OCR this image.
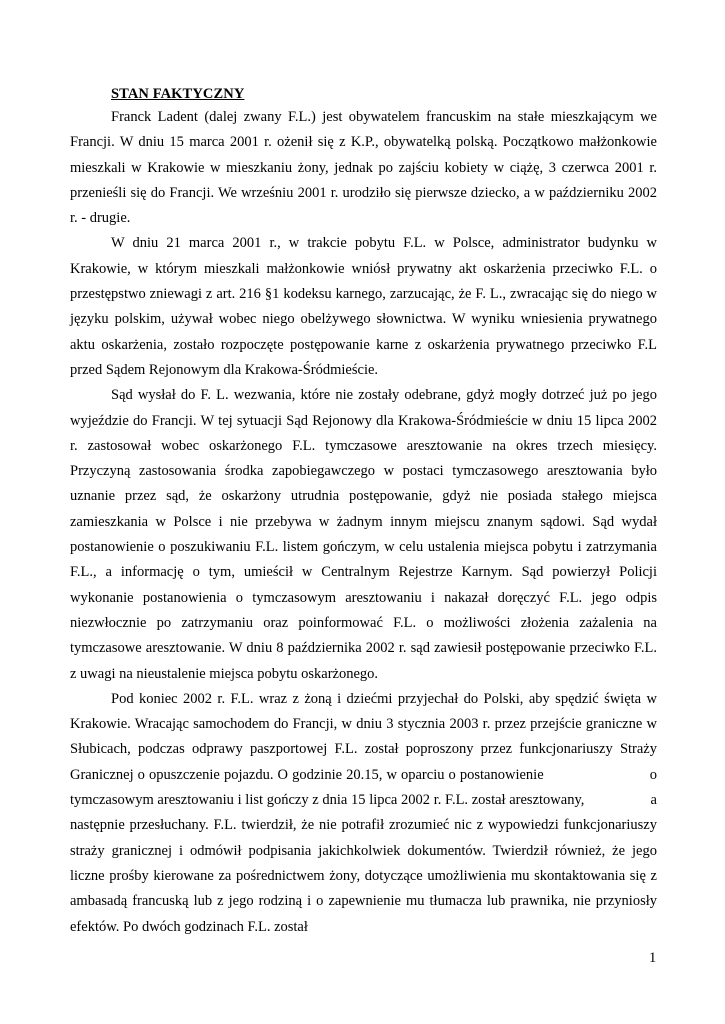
STAN FAKTYCZNY

Franck Ladent (dalej zwany F.L.) jest obywatelem francuskim na stałe mieszkającym we Francji. W dniu 15 marca 2001 r. ożenił się z K.P., obywatelką polską. Początkowo małżonkowie mieszkali w Krakowie w mieszkaniu żony, jednak po zajściu kobiety w ciążę, 3 czerwca 2001 r. przenieśli się do Francji. We wrześniu 2001 r. urodziło się pierwsze dziecko, a w październiku 2002 r. - drugie.

W dniu 21 marca 2001 r., w trakcie pobytu F.L. w Polsce, administrator budynku w Krakowie, w którym mieszkali małżonkowie wniósł prywatny akt oskarżenia przeciwko F.L. o przestępstwo zniewagi z art. 216 §1 kodeksu karnego, zarzucając, że F. L., zwracając się do niego w języku polskim, używał wobec niego obelżywego słownictwa. W wyniku wniesienia prywatnego aktu oskarżenia, zostało rozpoczęte postępowanie karne z oskarżenia prywatnego przeciwko F.L przed Sądem Rejonowym dla Krakowa-Śródmieście.

Sąd wysłał do F. L. wezwania, które nie zostały odebrane, gdyż mogły dotrzeć już po jego wyjeździe do Francji. W tej sytuacji Sąd Rejonowy dla Krakowa-Śródmieście w dniu 15 lipca 2002 r. zastosował wobec oskarżonego F.L. tymczasowe aresztowanie na okres trzech miesięcy. Przyczyną zastosowania środka zapobiegawczego w postaci tymczasowego aresztowania było uznanie przez sąd, że oskarżony utrudnia postępowanie, gdyż nie posiada stałego miejsca zamieszkania w Polsce i nie przebywa w żadnym innym miejscu znanym sądowi. Sąd wydał postanowienie o poszukiwaniu F.L. listem gończym, w celu ustalenia miejsca pobytu i zatrzymania F.L., a informację o tym, umieścił w Centralnym Rejestrze Karnym. Sąd powierzył Policji wykonanie postanowienia o tymczasowym aresztowaniu i nakazał doręczyć F.L. jego odpis niezwłocznie po zatrzymaniu oraz poinformować F.L. o możliwości złożenia zażalenia na tymczasowe aresztowanie. W dniu 8 października 2002 r. sąd zawiesił postępowanie przeciwko F.L. z uwagi na nieustalenie miejsca pobytu oskarżonego.

Pod koniec 2002 r. F.L. wraz z żoną i dziećmi przyjechał do Polski, aby spędzić święta w Krakowie. Wracając samochodem do Francji, w dniu 3 stycznia 2003 r. przez przejście graniczne w Słubicach, podczas odprawy paszportowej F.L. został poproszony przez funkcjonariuszy Straży Granicznej o opuszczenie pojazdu. O godzinie 20.15, w oparciu o postanowienie                          o tymczasowym aresztowaniu i list gończy z dnia 15 lipca 2002 r. F.L. został aresztowany,                  a następnie przesłuchany. F.L. twierdził, że nie potrafił zrozumieć nic z wypowiedzi funkcjonariuszy straży granicznej i odmówił podpisania jakichkolwiek dokumentów. Twierdził również, że jego liczne prośby kierowane za pośrednictwem żony, dotyczące umożliwienia mu skontaktowania się z ambasadą francuską lub z jego rodziną i o zapewnienie mu tłumacza lub prawnika, nie przyniosły efektów. Po dwóch godzinach F.L. został

1
